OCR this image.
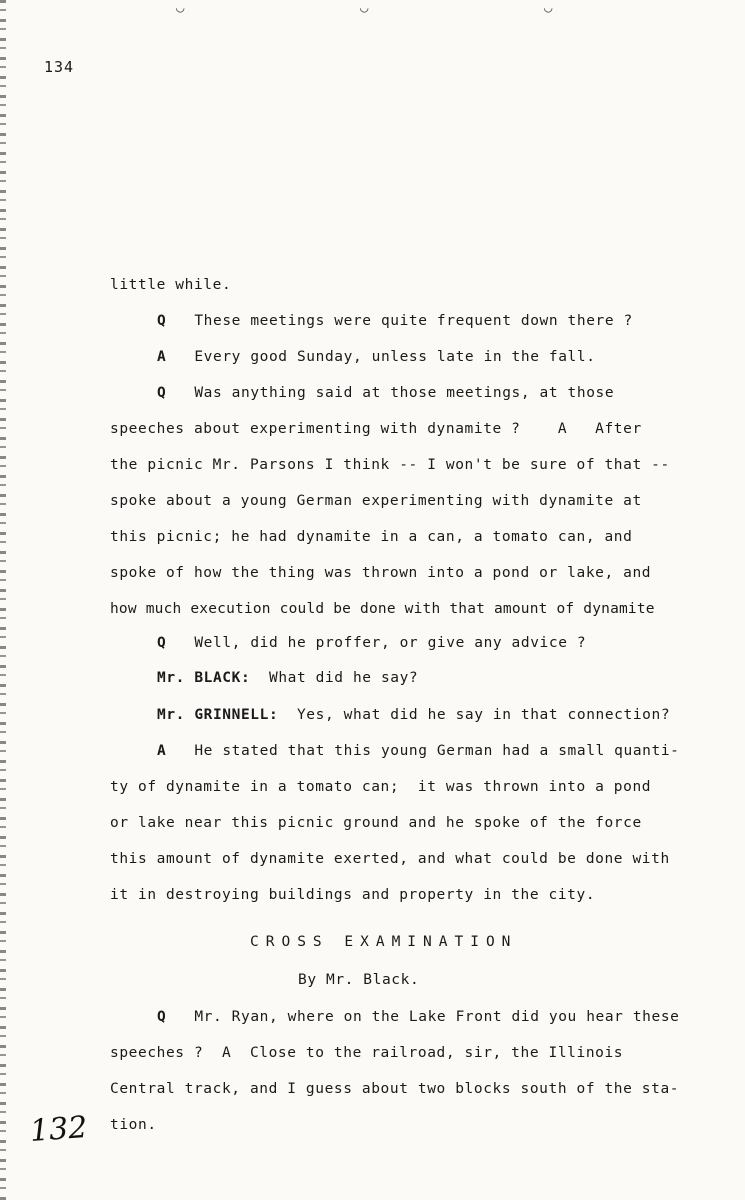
◡	◡	◡
134
little while.
Q These meetings were quite frequent down there ?
A Every good Sunday, unless late in the fall.
Q Was anything said at those meetings, at those
speeches about experimenting with dynamite ?    A   After
the picnic Mr. Parsons I think -- I won't be sure of that --
spoke about a young German experimenting with dynamite at
this picnic; he had dynamite in a can, a tomato can, and
spoke of how the thing was thrown into a pond or lake, and
how much execution could be done with that amount of dynamite
Q Well, did he proffer, or give any advice ?
Mr. BLACK: What did he say?
Mr. GRINNELL: Yes, what did he say in that connection?
A He stated that this young German had a small quanti-
ty of dynamite in a tomato can;  it was thrown into a pond
or lake near this picnic ground and he spoke of the force
this amount of dynamite exerted, and what could be done with
it in destroying buildings and property in the city.
CROSS EXAMINATION
By Mr. Black.
Q Mr. Ryan, where on the Lake Front did you hear these
speeches ?  A  Close to the railroad, sir, the Illinois
Central track, and I guess about two blocks south of the sta-
tion.
132
